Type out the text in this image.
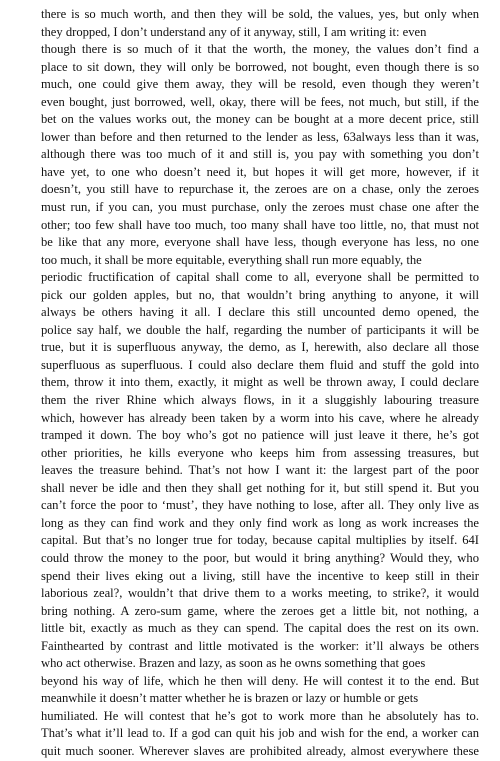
there is so much worth, and then they will be sold, the values, yes, but only when
they dropped, I don’t understand any of it anyway, still, I am writing it: even
though there is so much of it that the worth, the money, the values don’t find a
place to sit down, they will only be borrowed, not bought, even though there is so
much, one could give them away, they will be resold, even though they weren’t
even bought, just borrowed, well, okay, there will be fees, not much, but still, if the
bet on the values works out, the money can be bought at a more decent price, still
lower than before and then returned to the lender as less, 63always less than it was,
although there was too much of it and still is, you pay with something you don’t
have yet, to one who doesn’t need it, but hopes it will get more, however, if it
doesn’t, you still have to repurchase it, the zeroes are on a chase, only the zeroes
must run, if you can, you must purchase, only the zeroes must chase one after the
other; too few shall have too much, too many shall have too little, no, that must not
be like that any more, everyone shall have less, though everyone has less, no one
too much, it shall be more equitable, everything shall run more equably, the
periodic fructification of capital shall come to all, everyone shall be permitted to
pick our golden apples, but no, that wouldn’t bring anything to anyone, it will
always be others having it all. I declare this still uncounted demo opened, the
police say half, we double the half, regarding the number of participants it will be
true, but it is superfluous anyway, the demo, as I, herewith, also declare all those
superfluous as superfluous. I could also declare them fluid and stuff the gold into
them, throw it into them, exactly, it might as well be thrown away, I could declare
them the river Rhine which always flows, in it a sluggishly labouring treasure
which, however has already been taken by a worm into his cave, where he already
tramped it down. The boy who’s got no patience will just leave it there, he’s got
other priorities, he kills everyone who keeps him from assessing treasures, but
leaves the treasure behind. That’s not how I want it: the largest part of the poor
shall never be idle and then they shall get nothing for it, but still spend it. But you
can’t force the poor to ‘must’, they have nothing to lose, after all. They only live as
long as they can find work and they only find work as long as work increases the
capital. But that’s no longer true for today, because capital multiplies by itself. 64I
could throw the money to the poor, but would it bring anything? Would they, who
spend their lives eking out a living, still have the incentive to keep still in their
laborious zeal?, wouldn’t that drive them to a works meeting, to strike?, it would
bring nothing. A zero-sum game, where the zeroes get a little bit, not nothing, a
little bit, exactly as much as they can spend. The capital does the rest on its own.
Fainthearted by contrast and little motivated is the worker: it’ll always be others
who act otherwise. Brazen and lazy, as soon as he owns something that goes
beyond his way of life, which he then will deny. He will contest it to the end. But
meanwhile it doesn’t matter whether he is brazen or lazy or humble or gets
humiliated. He will contest that he’s got to work more than he absolutely has to.
That’s what it’ll lead to. If a god can quit his job and wish for the end, a worker can
quit much sooner. Wherever slaves are prohibited already, almost everywhere these
